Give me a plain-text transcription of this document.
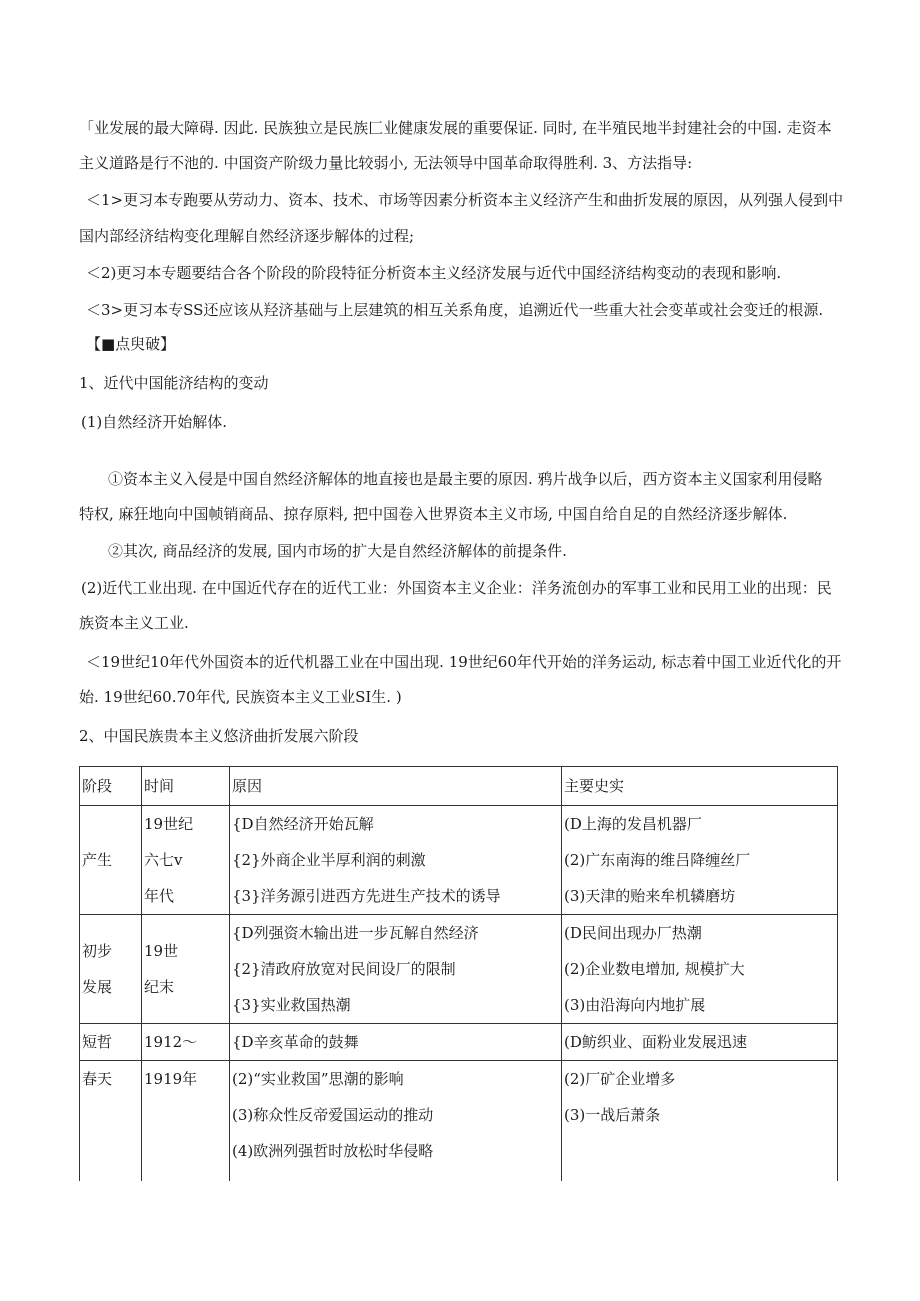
「业发展的最大障碍. 因此. 民族独立是民族匚业健康发展的重要保证. 同时, 在半殖民地半封建社会的中国. 走资本
主义道路是行不池的. 中国资产阶级力量比较弱小, 无法领导中国革命取得胜利. 3、方法指导:
＜1>更习本专跑要从劳动力、资本、技术、市场等因素分析资本主义经济产生和曲折发展的原因，从列强人侵到中
国内部经济结构变化理解自然经济逐步解体的过程;
＜2)更习本专题要结合各个阶段的阶段特征分析资本主义经济发展与近代中国经济结构变动的表现和影响.
＜3>更习本专SS还应该从羟济基础与上层建筑的相互关系角度，追溯近代一些重大社会变革或社会变迁的根源.
【■点臾破】
1、近代中国能济结构的变动
(1)自然经济开始解体.
①资本主义入侵是中国自然经济解体的地直接也是最主要的原因. 鸦片战争以后，西方资本主义国家利用侵略
特权, 麻狂地向中国帧销商品、掠存原料, 把中国卷入世界资本主义市场, 中国自给自足的自然经济逐步解体.
②其次, 商品经济的发展, 国内市场的扩大是自然经济解体的前提条件.
(2)近代工业出现. 在中国近代存在的近代工业：外国资本主义企业：洋务流创办的军事工业和民用工业的出现：民
族资本主义工业.
＜19世纪10年代外国资本的近代机器工业在中国出现. 19世纪60年代开始的洋务运动, 标志着中国工业近代化的开
始. 19世纪60.70年代, 民族资本主义工业SI生. )
2、中国民族贵本主义悠济曲折发展六阶段
阶段	时间	原因	主要史实

产生	19世纪
六七v
年代	{D自然经济开始瓦解
{2}外商企业半厚利润的刺激
{3}洋务源引进西方先进生产技术的诱导	(D上海的发昌机器厂
(2)广东南海的维吕降缠丝厂
(3)天津的贻来牟机辚磨坊

初步
发展	19世
纪末	{D列强资木输出进一步瓦解自然经济
{2}清政府放宽对民间设厂的限制
{3}实业救国热潮	(D民间出现办厂热潮
(2)企业数电增加, 规模扩大
(3)由沿海向内地扩展

短哲	1912〜	{D辛亥革命的鼓舞	(D鲂织业、面粉业发展迅速

春天	1919年	(2)“实业救国”思潮的影响
(3)称众性反帝爱国运动的推动
(4)欧洲列强哲时放松时华侵略	(2)厂矿企业增多
(3)一战后萧条
